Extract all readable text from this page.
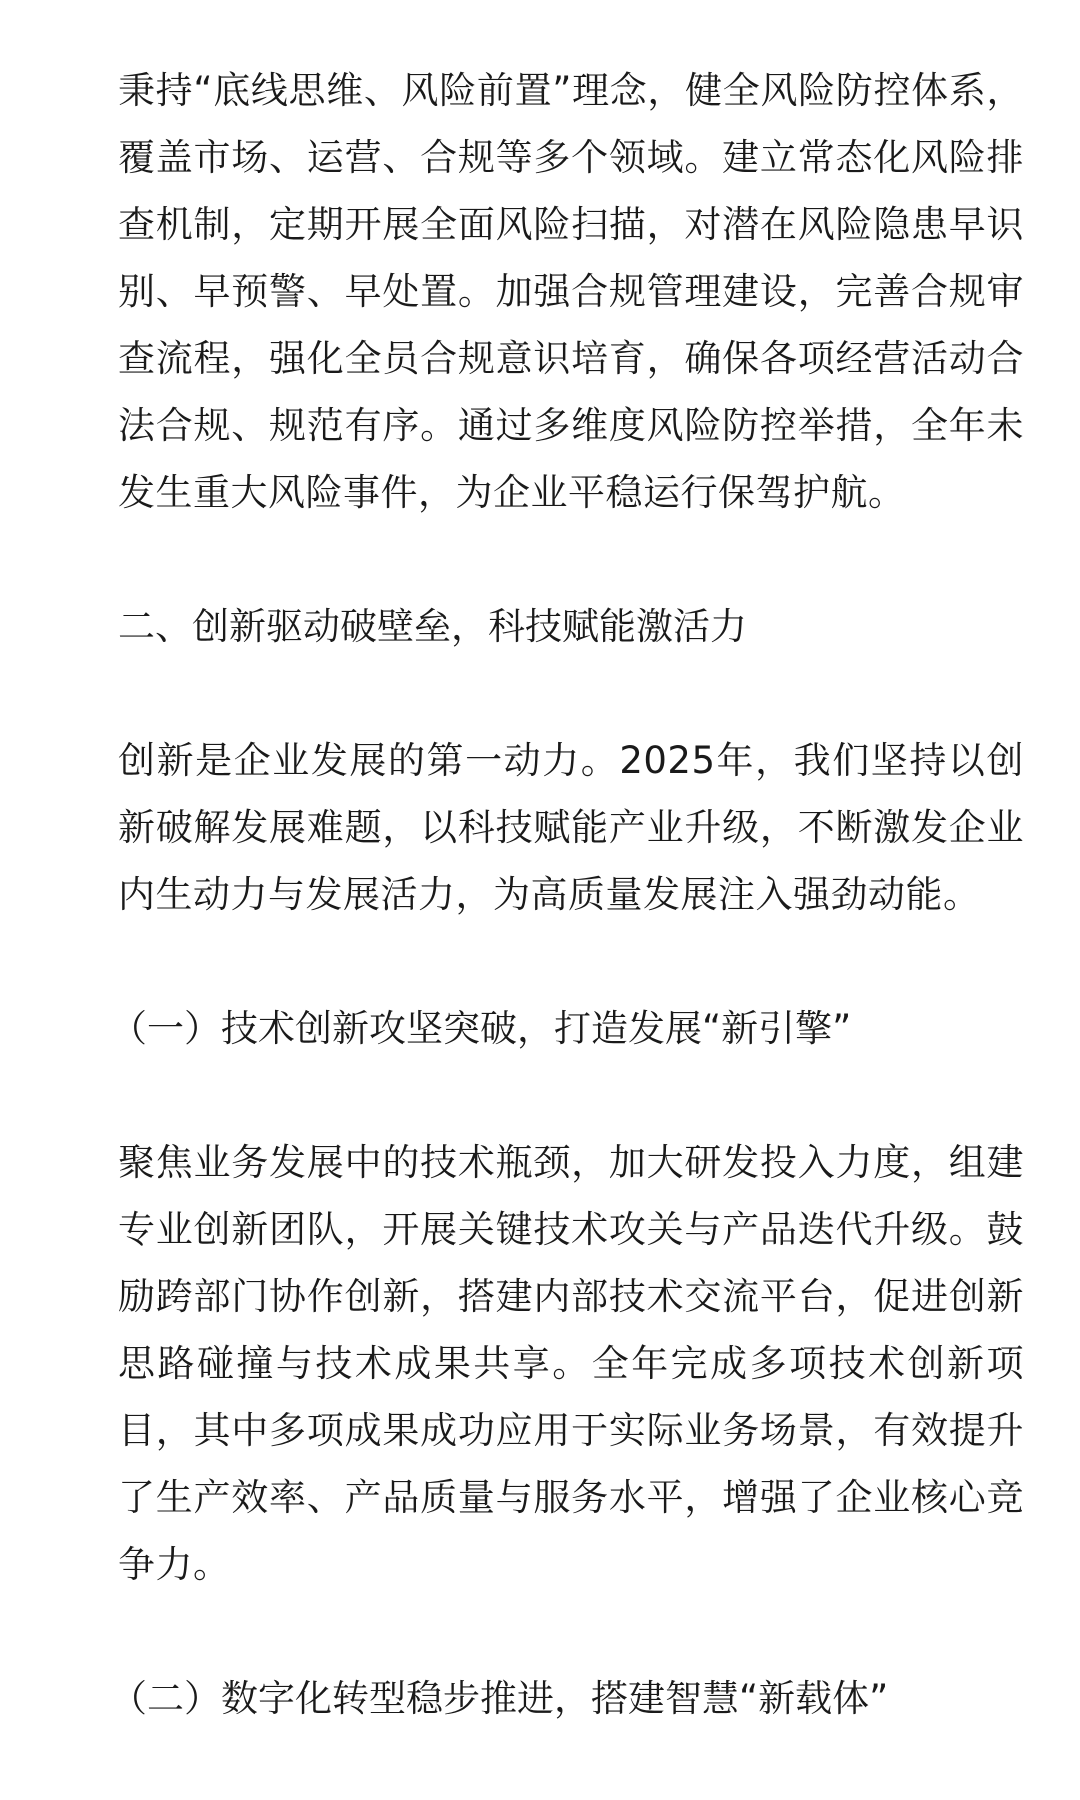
秉持“底线思维、风险前置”理念，健全风险防控体系，覆盖市场、运营、合规等多个领域。建立常态化风险排查机制，定期开展全面风险扫描，对潜在风险隐患早识别、早预警、早处置。加强合规管理建设，完善合规审查流程，强化全员合规意识培育，确保各项经营活动合法合规、规范有序。通过多维度风险防控举措，全年未发生重大风险事件，为企业平稳运行保驾护航。

二、创新驱动破壁垒，科技赋能激活力

创新是企业发展的第一动力。2025年，我们坚持以创新破解发展难题，以科技赋能产业升级，不断激发企业内生动力与发展活力，为高质量发展注入强劲动能。

（一）技术创新攻坚突破，打造发展“新引擎”

聚焦业务发展中的技术瓶颈，加大研发投入力度，组建专业创新团队，开展关键技术攻关与产品迭代升级。鼓励跨部门协作创新，搭建内部技术交流平台，促进创新思路碰撞与技术成果共享。全年完成多项技术创新项目，其中多项成果成功应用于实际业务场景，有效提升了生产效率、产品质量与服务水平，增强了企业核心竞争力。

（二）数字化转型稳步推进，搭建智慧“新载体”
